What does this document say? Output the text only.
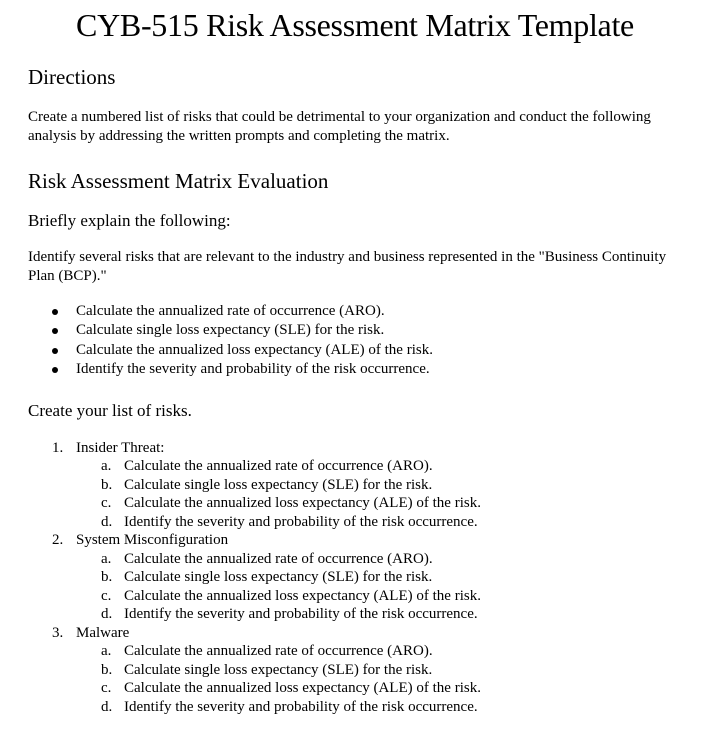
CYB-515 Risk Assessment Matrix Template
Directions

Create a numbered list of risks that could be detrimental to your organization and conduct the following analysis by addressing the written prompts and completing the matrix.

Risk Assessment Matrix Evaluation

Briefly explain the following:

Identify several risks that are relevant to the industry and business represented in the "Business Continuity Plan (BCP)."

Calculate the annualized rate of occurrence (ARO).
Calculate single loss expectancy (SLE) for the risk.
Calculate the annualized loss expectancy (ALE) of the risk.
Identify the severity and probability of the risk occurrence.

Create your list of risks.

1. Insider Threat:
a. Calculate the annualized rate of occurrence (ARO).
b. Calculate single loss expectancy (SLE) for the risk.
c. Calculate the annualized loss expectancy (ALE) of the risk.
d. Identify the severity and probability of the risk occurrence.
2. System Misconfiguration
a. Calculate the annualized rate of occurrence (ARO).
b. Calculate single loss expectancy (SLE) for the risk.
c. Calculate the annualized loss expectancy (ALE) of the risk.
d. Identify the severity and probability of the risk occurrence.
3. Malware
a. Calculate the annualized rate of occurrence (ARO).
b. Calculate single loss expectancy (SLE) for the risk.
c. Calculate the annualized loss expectancy (ALE) of the risk.
d. Identify the severity and probability of the risk occurrence.
